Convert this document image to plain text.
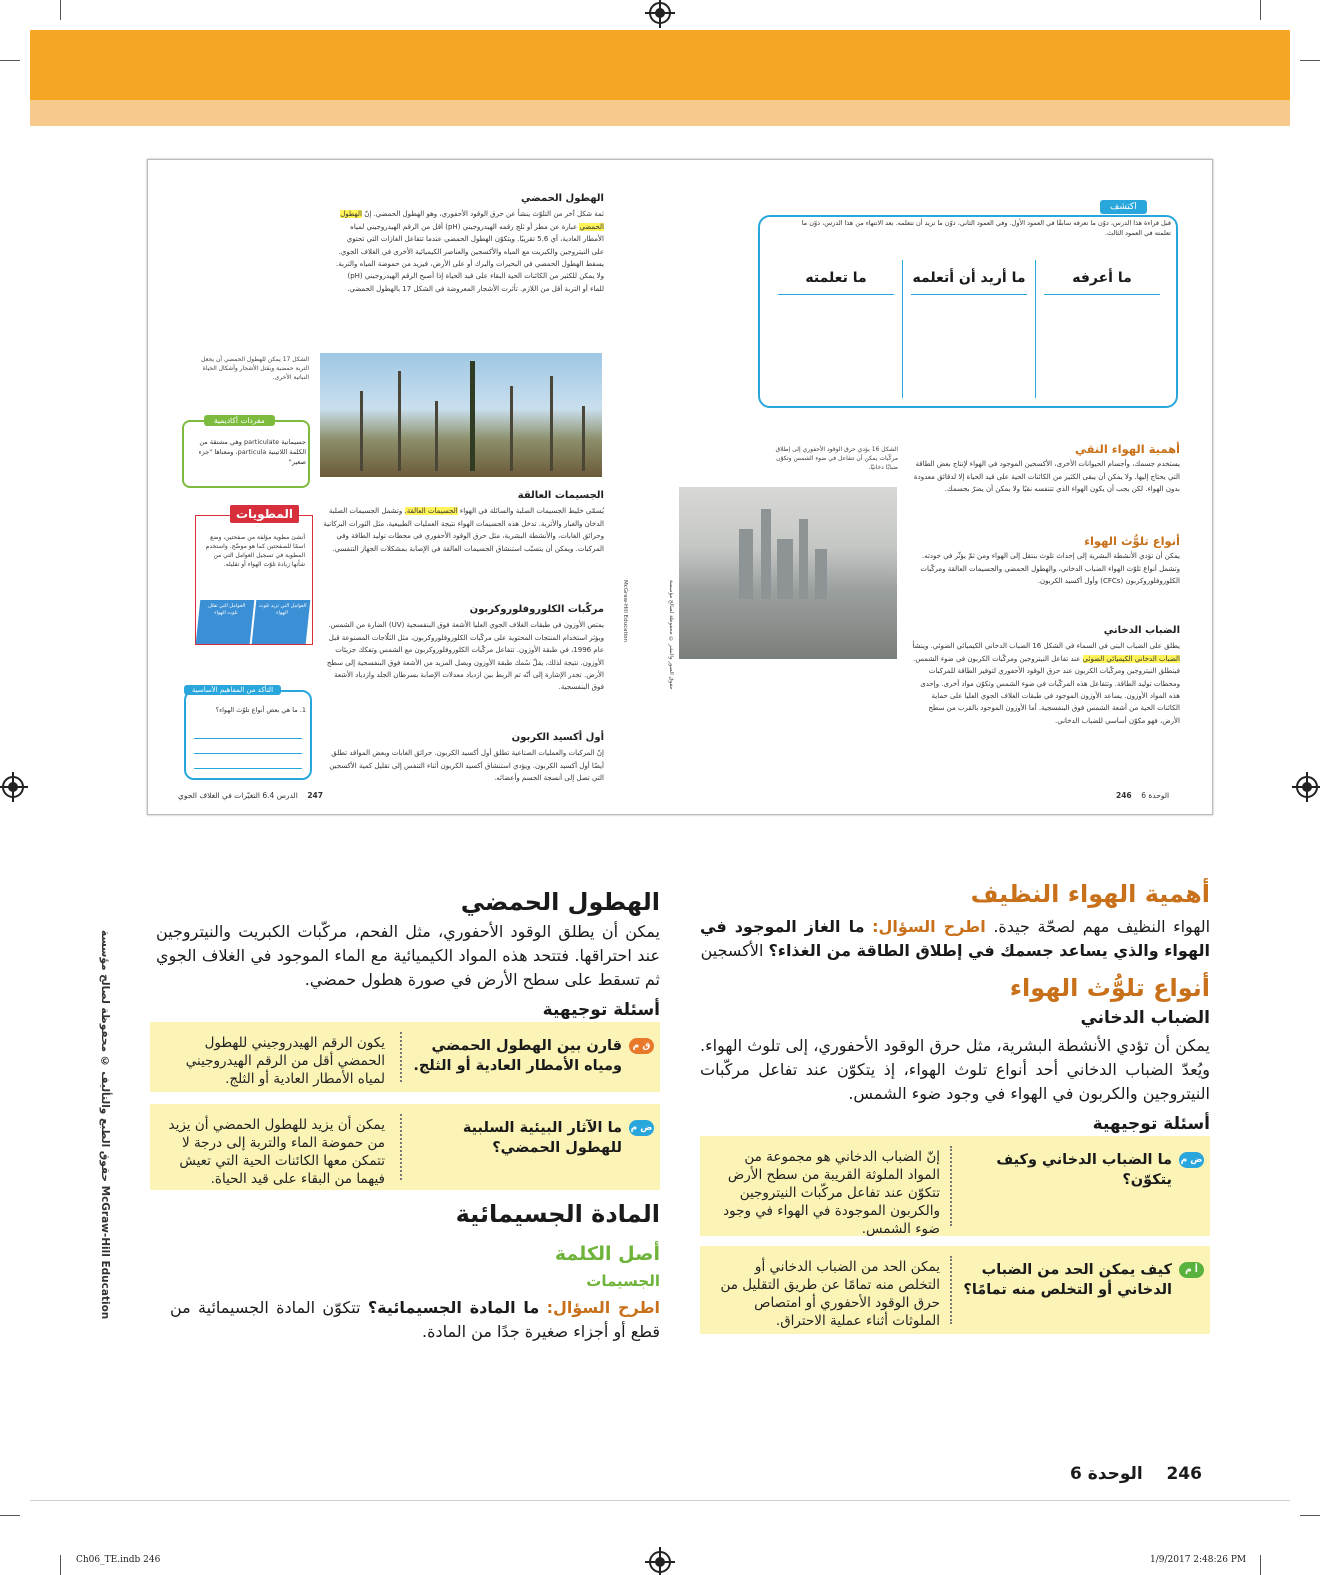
اكتشف
قبل قراءة هذا الدرس، دوّن ما تعرفه سابقًا في العمود الأول. وفي العمود الثاني، دوّن ما تريد أن تتعلمه. بعد الانتهاء من هذا الدرس، دوّن ما تعلمته في العمود الثالث.
ما أعرفه
ما أريد أن أتعلمه
ما تعلمته
أهمية الهواء النقي
يستخدم جسمك، وأجسام الحيوانات الأخرى، الأكسجين الموجود في الهواء لإنتاج بعض الطاقة التي يحتاج إليها. ولا يمكن أن يبقى الكثير من الكائنات الحية على قيد الحياة إلا لدقائق معدودة بدون الهواء. لكن يجب أن يكون الهواء الذي تتنفسه نقيًا ولا يمكن أن يضرّ بجسمك.
أنواع تلوُّث الهواء
يمكن أن تؤدي الأنشطة البشرية إلى إحداث تلوث ينتقل إلى الهواء ومن ثمّ يؤثّر في جودته. وتشمل أنواع تلوّث الهواء الضباب الدخاني، والهطول الحمضي والجسيمات العالقة ومركّبات الكلوروفلوروكربون (CFCs) وأول أكسيد الكربون.
الضباب الدخاني
يطلق على الضباب البني في السماء في الشكل 16 الضباب الدخاني الكيميائي الضوئي. وينشأ الضباب الدخاني الكيميائي الضوئي عند تفاعل النيتروجين ومركّبات الكربون في ضوء الشمس. فينطلق النيتروجين ومركّبات الكربون عند حرق الوقود الأحفوري لتوفير الطاقة للمركبات ومحطات توليد الطاقة. وتتفاعل هذه المركّبات في ضوء الشمس وتكوّن مواد أخرى. وإحدى هذه المواد الأوزون. يساعد الأوزون الموجود في طبقات الغلاف الجوي العليا على حماية الكائنات الحية من أشعة الشمس فوق البنفسجية. أما الأوزون الموجود بالقرب من سطح الأرض، فهو مكوّن أساسي للضباب الدخاني.
الشكل 16 يؤدي حرق الوقود الأحفوري إلى إطلاق مركّبات يمكن أن تتفاعل في ضوء الشمس وتكوّن ضبابًا دخانيًا.
حقوق الصور والنشر © محفوظة لصالح مؤسسة
الوحدة 6    246
الهطول الحمضي
ثمة شكل آخر من التلوّث ينشأ عن حرق الوقود الأحفوري، وهو الهطول الحمضي. إنّ الهطول الحمضي عبارة عن مطر أو ثلج رقمه الهيدروجيني (pH) أقل من الرقم الهيدروجيني لمياه الأمطار العادية، أي 5.6 تقريبًا. ويتكوّن الهطول الحمضي عندما تتفاعل الغازات التي تحتوي على النيتروجين والكبريت مع المياه والأكسجين والعناصر الكيميائية الأخرى في الغلاف الجوي. يسقط الهطول الحمضي في البحيرات والبرك أو على الأرض، فيزيد من حموضة المياه والتربة. ولا يمكن للكثير من الكائنات الحية البقاء على قيد الحياة إذا أصبح الرقم الهيدروجيني (pH) للماء أو التربة أقل من اللازم. تأثرت الأشجار المعروضة في الشكل 17 بالهطول الحمضي.
الشكل 17 يمكن للهطول الحمضي أن يجعل التربة حمضية ويقتل الأشجار وأشكال الحياة النباتية الأخرى.
مفردات أكاديمية
جسيماتية particulate وهي مشتقة من الكلمة اللاتينية particula، ومعناها "جزء صغير"
المطويات
أنشئ مطوية مؤلفة من صفحتين، وضع اسمًا للصفحتين كما هو موضّح. واستخدم المطوية في تسجيل العوامل التي من شأنها زيادة تلوّث الهواء أو تقليله.
العوامل التي تزيد تلوث الهواء
العوامل التي تقلل تلوث الهواء
التأكد من المفاهيم الأساسية
1. ما هي بعض أنواع تلوّث الهواء؟
الجسيمات العالقة
يُسمّى خليط الجسيمات الصلبة والسائلة في الهواء الجسيمات العالقة. وتشمل الجسيمات الصلبة الدخان والغبار والأتربة. تدخل هذه الجسيمات الهواء نتيجة العمليات الطبيعية، مثل الثورات البركانية وحرائق الغابات، والأنشطة البشرية، مثل حرق الوقود الأحفوري في محطات توليد الطاقة وفي المركبات. ويمكن أن يتسبّب استنشاق الجسيمات العالقة في الإصابة بمشكلات الجهاز التنفسي.
مركّبات الكلوروفلوروكربون
يمتص الأوزون في طبقات الغلاف الجوي العليا الأشعة فوق البنفسجية (UV) الضارة من الشمس. ويؤثر استخدام المنتجات المحتوية على مركّبات الكلوروفلوروكربون، مثل الثلّاجات المصنوعة قبل عام 1996، في طبقة الأوزون. تتفاعل مركّبات الكلوروفلوروكربون مع الشمس وتفكك جزيئات الأوزون. نتيجة لذلك، يقلّ سُمك طبقة الأوزون ويصل المزيد من الأشعة فوق البنفسجية إلى سطح الأرض. تجدر الإشارة إلى أنّه تم الربط بين ازدياد معدلات الإصابة بسرطان الجلد وازدياد الأشعة فوق البنفسجية.
أول أكسيد الكربون
إنّ المركبات والعمليات الصناعية تطلق أول أكسيد الكربون. حرائق الغابات وبعض المواقد تطلق أيضًا أول أكسيد الكربون. ويؤدي استنشاق أكسيد الكربون أثناء التنفس إلى تقليل كمية الأكسجين التي تصل إلى أنسجة الجسم وأعضائه.
McGraw-Hill Education
247    الدرس 6.4 التغيّرات في الغلاف الجوي
أهمية الهواء النظيف
الهواء النظيف مهم لصحّة جيدة. اطرح السؤال: ما الغاز الموجود في الهواء والذي يساعد جسمك في إطلاق الطاقة من الغذاء؟ الأكسجين
أنواع تلوُّث الهواء
الضباب الدخاني
يمكن أن تؤدي الأنشطة البشرية، مثل حرق الوقود الأحفوري، إلى تلوث الهواء. ويُعدّ الضباب الدخاني أحد أنواع تلوث الهواء، إذ يتكوّن عند تفاعل مركّبات النيتروجين والكربون في الهواء في وجود ضوء الشمس.
أسئلة توجيهية
ض م
ما الضباب الدخاني وكيف يتكوّن؟
إنّ الضباب الدخاني هو مجموعة من المواد الملوثة القريبة من سطح الأرض تتكوّن عند تفاعل مركّبات النيتروجين والكربون الموجودة في الهواء في وجود ضوء الشمس.
أ م
كيف يمكن الحد من الضباب الدخاني أو التخلص منه تمامًا؟
يمكن الحد من الضباب الدخاني أو التخلص منه تمامًا عن طريق التقليل من حرق الوقود الأحفوري أو امتصاص الملوثات أثناء عملية الاحتراق.
الهطول الحمضي
يمكن أن يطلق الوقود الأحفوري، مثل الفحم، مركّبات الكبريت والنيتروجين عند احتراقها. فتتحد هذه المواد الكيميائية مع الماء الموجود في الغلاف الجوي ثم تسقط على سطح الأرض في صورة هطول حمضي.
أسئلة توجيهية
ق م
قارن بين الهطول الحمضي ومياه الأمطار العادية أو الثلج.
يكون الرقم الهيدروجيني للهطول الحمضي أقل من الرقم الهيدروجيني لمياه الأمطار العادية أو الثلج.
ض م
ما الآثار البيئية السلبية للهطول الحمضي؟
يمكن أن يزيد للهطول الحمضي أن يزيد من حموضة الماء والتربة إلى درجة لا تتمكن معها الكائنات الحية التي تعيش فيهما من البقاء على قيد الحياة.
المادة الجسيمائية
أصل الكلمة
الجسيمات
اطرح السؤال: ما المادة الجسيمائية؟ تتكوّن المادة الجسيمائية من قطع أو أجزاء صغيرة جدًا من المادة.
حقوق الطبع والتأليف © محفوظة لصالح مؤسسة McGraw-Hill Education
246    الوحدة 6
Ch06_TE.indb 246	1/9/2017 2:48:26 PM
